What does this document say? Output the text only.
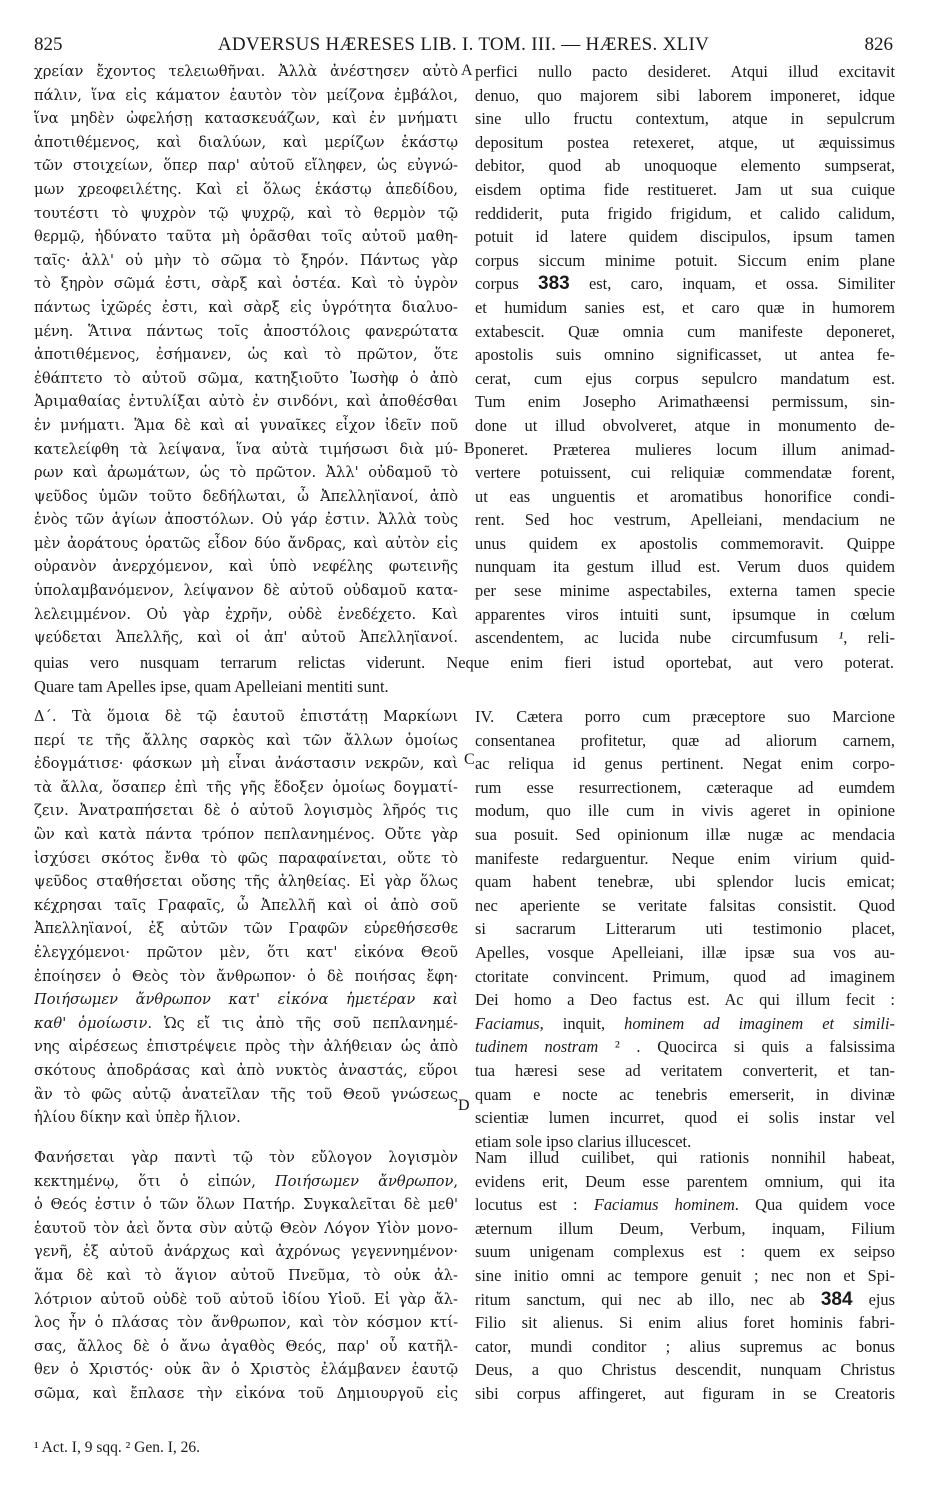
825	ADVERSUS HÆRESES LIB. I. TOM. III. — HÆRES. XLIV	826
A
B
C
D
χρείαν ἔχοντος τελειωθῆναι. Ἀλλὰ ἀνέστησεν αὐτὸ
πάλιν, ἵνα εἰς κάματον ἑαυτὸν τὸν μείζονα ἐμβάλοι,
ἵνα μηδὲν ὠφελήσῃ κατασκευάζων, καὶ ἐν μνήματι
ἀποτιθέμενος, καὶ διαλύων, καὶ μερίζων ἑκάστῳ
τῶν στοιχείων, ὅπερ παρ' αὐτοῦ εἴληφεν, ὡς εὐγνώ-
μων χρεοφειλέτης. Καὶ εἰ ὅλως ἑκάστῳ ἀπεδίδου,
τουτέστι τὸ ψυχρὸν τῷ ψυχρῷ, καὶ τὸ θερμὸν τῷ
θερμῷ, ἠδύνατο ταῦτα μὴ ὁρᾶσθαι τοῖς αὐτοῦ μαθη-
ταῖς· ἀλλ' οὐ μὴν τὸ σῶμα τὸ ξηρόν. Πάντως γὰρ
τὸ ξηρὸν σῶμά ἐστι, σὰρξ καὶ ὀστέα. Καὶ τὸ ὑγρὸν
πάντως ἰχῶρές ἐστι, καὶ σὰρξ εἰς ὑγρότητα διαλυο-
μένη. Ἅτινα πάντως τοῖς ἀποστόλοις φανερώτατα
ἀποτιθέμενος, ἐσήμανεν, ὡς καὶ τὸ πρῶτον, ὅτε
ἐθάπτετο τὸ αὐτοῦ σῶμα, κατηξιοῦτο Ἰωσὴφ ὁ ἀπὸ
Ἀριμαθαίας ἐντυλίξαι αὐτὸ ἐν σινδόνι, καὶ ἀποθέσθαι
ἐν μνήματι. Ἅμα δὲ καὶ αἱ γυναῖκες εἶχον ἰδεῖν ποῦ
κατελείφθη τὰ λείψανα, ἵνα αὐτὰ τιμήσωσι διὰ μύ-
ρων καὶ ἀρωμάτων, ὡς τὸ πρῶτον. Ἀλλ' οὐδαμοῦ τὸ
ψεῦδος ὑμῶν τοῦτο δεδήλωται, ὦ Ἀπελληϊανοί, ἀπὸ
ἑνὸς τῶν ἁγίων ἀποστόλων. Οὐ γάρ ἐστιν. Ἀλλὰ τοὺς
μὲν ἀοράτους ὁρατῶς εἶδον δύο ἄνδρας, καὶ αὐτὸν εἰς
οὐρανὸν ἀνερχόμενον, καὶ ὑπὸ νεφέλης φωτεινῆς
ὑπολαμβανόμενον, λείψανον δὲ αὐτοῦ οὐδαμοῦ κατα-
λελειμμένον. Οὐ γὰρ ἐχρῆν, οὐδὲ ἐνεδέχετο. Καὶ
ψεύδεται Ἀπελλῆς, καὶ οἱ ἀπ' αὐτοῦ Ἀπελληϊανοί.
perfici nullo pacto desideret. Atqui illud excitavit
denuo, quo majorem sibi laborem imponeret, idque
sine ullo fructu contextum, atque in sepulcrum
depositum postea retexeret, atque, ut æquissimus
debitor, quod ab unoquoque elemento sumpserat,
eisdem optima fide restitueret. Jam ut sua cuique
reddiderit, puta frigido frigidum, et calido calidum,
potuit id latere quidem discipulos, ipsum tamen
corpus siccum minime potuit. Siccum enim plane
corpus 383 est, caro, inquam, et ossa. Similiter
et humidum sanies est, et caro quæ in humorem
extabescit. Quæ omnia cum manifeste deponeret,
apostolis suis omnino significasset, ut antea fe-
cerat, cum ejus corpus sepulcro mandatum est.
Tum enim Josepho Arimathæensi permissum, sin-
done ut illud obvolveret, atque in monumento de-
poneret. Præterea mulieres locum illum animad-
vertere potuissent, cui reliquiæ commendatæ forent,
ut eas unguentis et aromatibus honorifice condi-
rent. Sed hoc vestrum, Apelleiani, mendacium ne
unus quidem ex apostolis commemoravit. Quippe
nunquam ita gestum illud est. Verum duos quidem
per sese minime aspectabiles, externa tamen specie
apparentes viros intuiti sunt, ipsumque in cœlum
ascendentem, ac lucida nube circumfusum ¹, reli-
quias vero nusquam terrarum relictas viderunt. Neque enim fieri istud oportebat, aut vero poterat.
Quare tam Apelles ipse, quam Apelleiani mentiti sunt.
Δ΄. Τὰ ὅμοια δὲ τῷ ἑαυτοῦ ἐπιστάτῃ Μαρκίωνι
περί τε τῆς ἄλλης σαρκὸς καὶ τῶν ἄλλων ὁμοίως
ἐδογμάτισε· φάσκων μὴ εἶναι ἀνάστασιν νεκρῶν, καὶ
τὰ ἄλλα, ὅσαπερ ἐπὶ τῆς γῆς ἔδοξεν ὁμοίως δογματί-
ζειν. Ἀνατραπήσεται δὲ ὁ αὐτοῦ λογισμὸς λῆρός τις
ὢν καὶ κατὰ πάντα τρόπον πεπλανημένος. Οὔτε γὰρ
ἰσχύσει σκότος ἔνθα τὸ φῶς παραφαίνεται, οὔτε τὸ
ψεῦδος σταθήσεται οὔσης τῆς ἀληθείας. Εἰ γὰρ ὅλως
κέχρησαι ταῖς Γραφαῖς, ὦ Ἀπελλῆ καὶ οἱ ἀπὸ σοῦ
Ἀπελληϊανοί, ἐξ αὐτῶν τῶν Γραφῶν εὑρεθήσεσθε
ἐλεγχόμενοι· πρῶτον μὲν, ὅτι κατ' εἰκόνα Θεοῦ
ἐποίησεν ὁ Θεὸς τὸν ἄνθρωπον· ὁ δὲ ποιήσας ἔφη·
Ποιήσωμεν ἄνθρωπον κατ' εἰκόνα ἡμετέραν καὶ
καθ' ὁμοίωσιν. Ὡς εἴ τις ἀπὸ τῆς σοῦ πεπλανημέ-
νης αἱρέσεως ἐπιστρέψειε πρὸς τὴν ἀλήθειαν ὡς ἀπὸ
σκότους ἀποδράσας καὶ ἀπὸ νυκτὸς ἀναστάς, εὕροι
ἂν τὸ φῶς αὐτῷ ἀνατεῖλαν τῆς τοῦ Θεοῦ γνώσεως
ἡλίου δίκην καὶ ὑπὲρ ἥλιον.
IV. Cætera porro cum præceptore suo Marcione
consentanea profitetur, quæ ad aliorum carnem,
ac reliqua id genus pertinent. Negat enim corpo-
rum esse resurrectionem, cæteraque ad eumdem
modum, quo ille cum in vivis ageret in opinione
sua posuit. Sed opinionum illæ nugæ ac mendacia
manifeste redarguentur. Neque enim virium quid-
quam habent tenebræ, ubi splendor lucis emicat;
nec aperiente se veritate falsitas consistit. Quod
si sacrarum Litterarum uti testimonio placet,
Apelles, vosque Apelleiani, illæ ipsæ sua vos au-
ctoritate convincent. Primum, quod ad imaginem
Dei homo a Deo factus est. Ac qui illum fecit :
Faciamus, inquit, hominem ad imaginem et simili-
tudinem nostram ² . Quocirca si quis a falsissima
tua hæresi sese ad veritatem converterit, et tan-
quam e nocte ac tenebris emerserit, in divinæ
scientiæ lumen incurret, quod ei solis instar vel
etiam sole ipso clarius illucescet.
Φανήσεται γὰρ παντὶ τῷ τὸν εὔλογον λογισμὸν
κεκτημένῳ, ὅτι ὁ εἰπών, Ποιήσωμεν ἄνθρωπον,
ὁ Θεός ἐστιν ὁ τῶν ὅλων Πατήρ. Συγκαλεῖται δὲ μεθ'
ἑαυτοῦ τὸν ἀεὶ ὄντα σὺν αὐτῷ Θεὸν Λόγον Υἱὸν μονο-
γενῆ, ἐξ αὐτοῦ ἀνάρχως καὶ ἀχρόνως γεγεννημένον·
ἅμα δὲ καὶ τὸ ἅγιον αὐτοῦ Πνεῦμα, τὸ οὐκ ἀλ-
λότριον αὐτοῦ οὐδὲ τοῦ αὐτοῦ ἰδίου Υἱοῦ. Εἰ γὰρ ἄλ-
λος ἦν ὁ πλάσας τὸν ἄνθρωπον, καὶ τὸν κόσμον κτί-
σας, ἄλλος δὲ ὁ ἄνω ἀγαθὸς Θεός, παρ' οὗ κατῆλ-
θεν ὁ Χριστός· οὐκ ἂν ὁ Χριστὸς ἐλάμβανεν ἑαυτῷ
σῶμα, καὶ ἔπλασε τὴν εἰκόνα τοῦ Δημιουργοῦ εἰς
Nam illud cuilibet, qui rationis nonnihil habeat,
evidens erit, Deum esse parentem omnium, qui ita
locutus est : Faciamus hominem. Qua quidem voce
æternum illum Deum, Verbum, inquam, Filium
suum unigenam complexus est : quem ex seipso
sine initio omni ac tempore genuit ; nec non et Spi-
ritum sanctum, qui nec ab illo, nec ab 384 ejus
Filio sit alienus. Si enim alius foret hominis fabri-
cator, mundi conditor ; alius supremus ac bonus
Deus, a quo Christus descendit, nunquam Christus
sibi corpus affingeret, aut figuram in se Creatoris
¹ Act. I, 9 sqq. ² Gen. I, 26.
